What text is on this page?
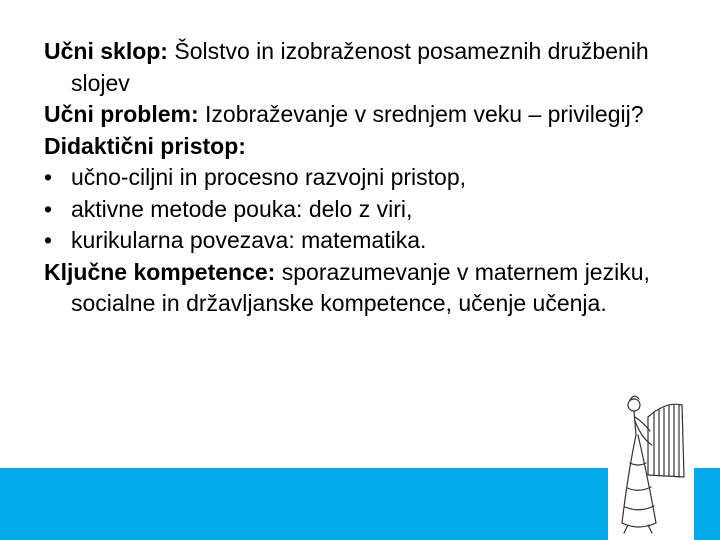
Učni sklop: Šolstvo in izobraženost posameznih družbenih slojev

Učni problem: Izobraževanje v srednjem veku – privilegij?

Didaktični pristop:

• učno-ciljni in procesno razvojni pristop,

• aktivne metode pouka: delo z viri,

• kurikularna povezava: matematika.

Ključne kompetence: sporazumevanje v maternem jeziku, socialne in državljanske kompetence, učenje učenja.
